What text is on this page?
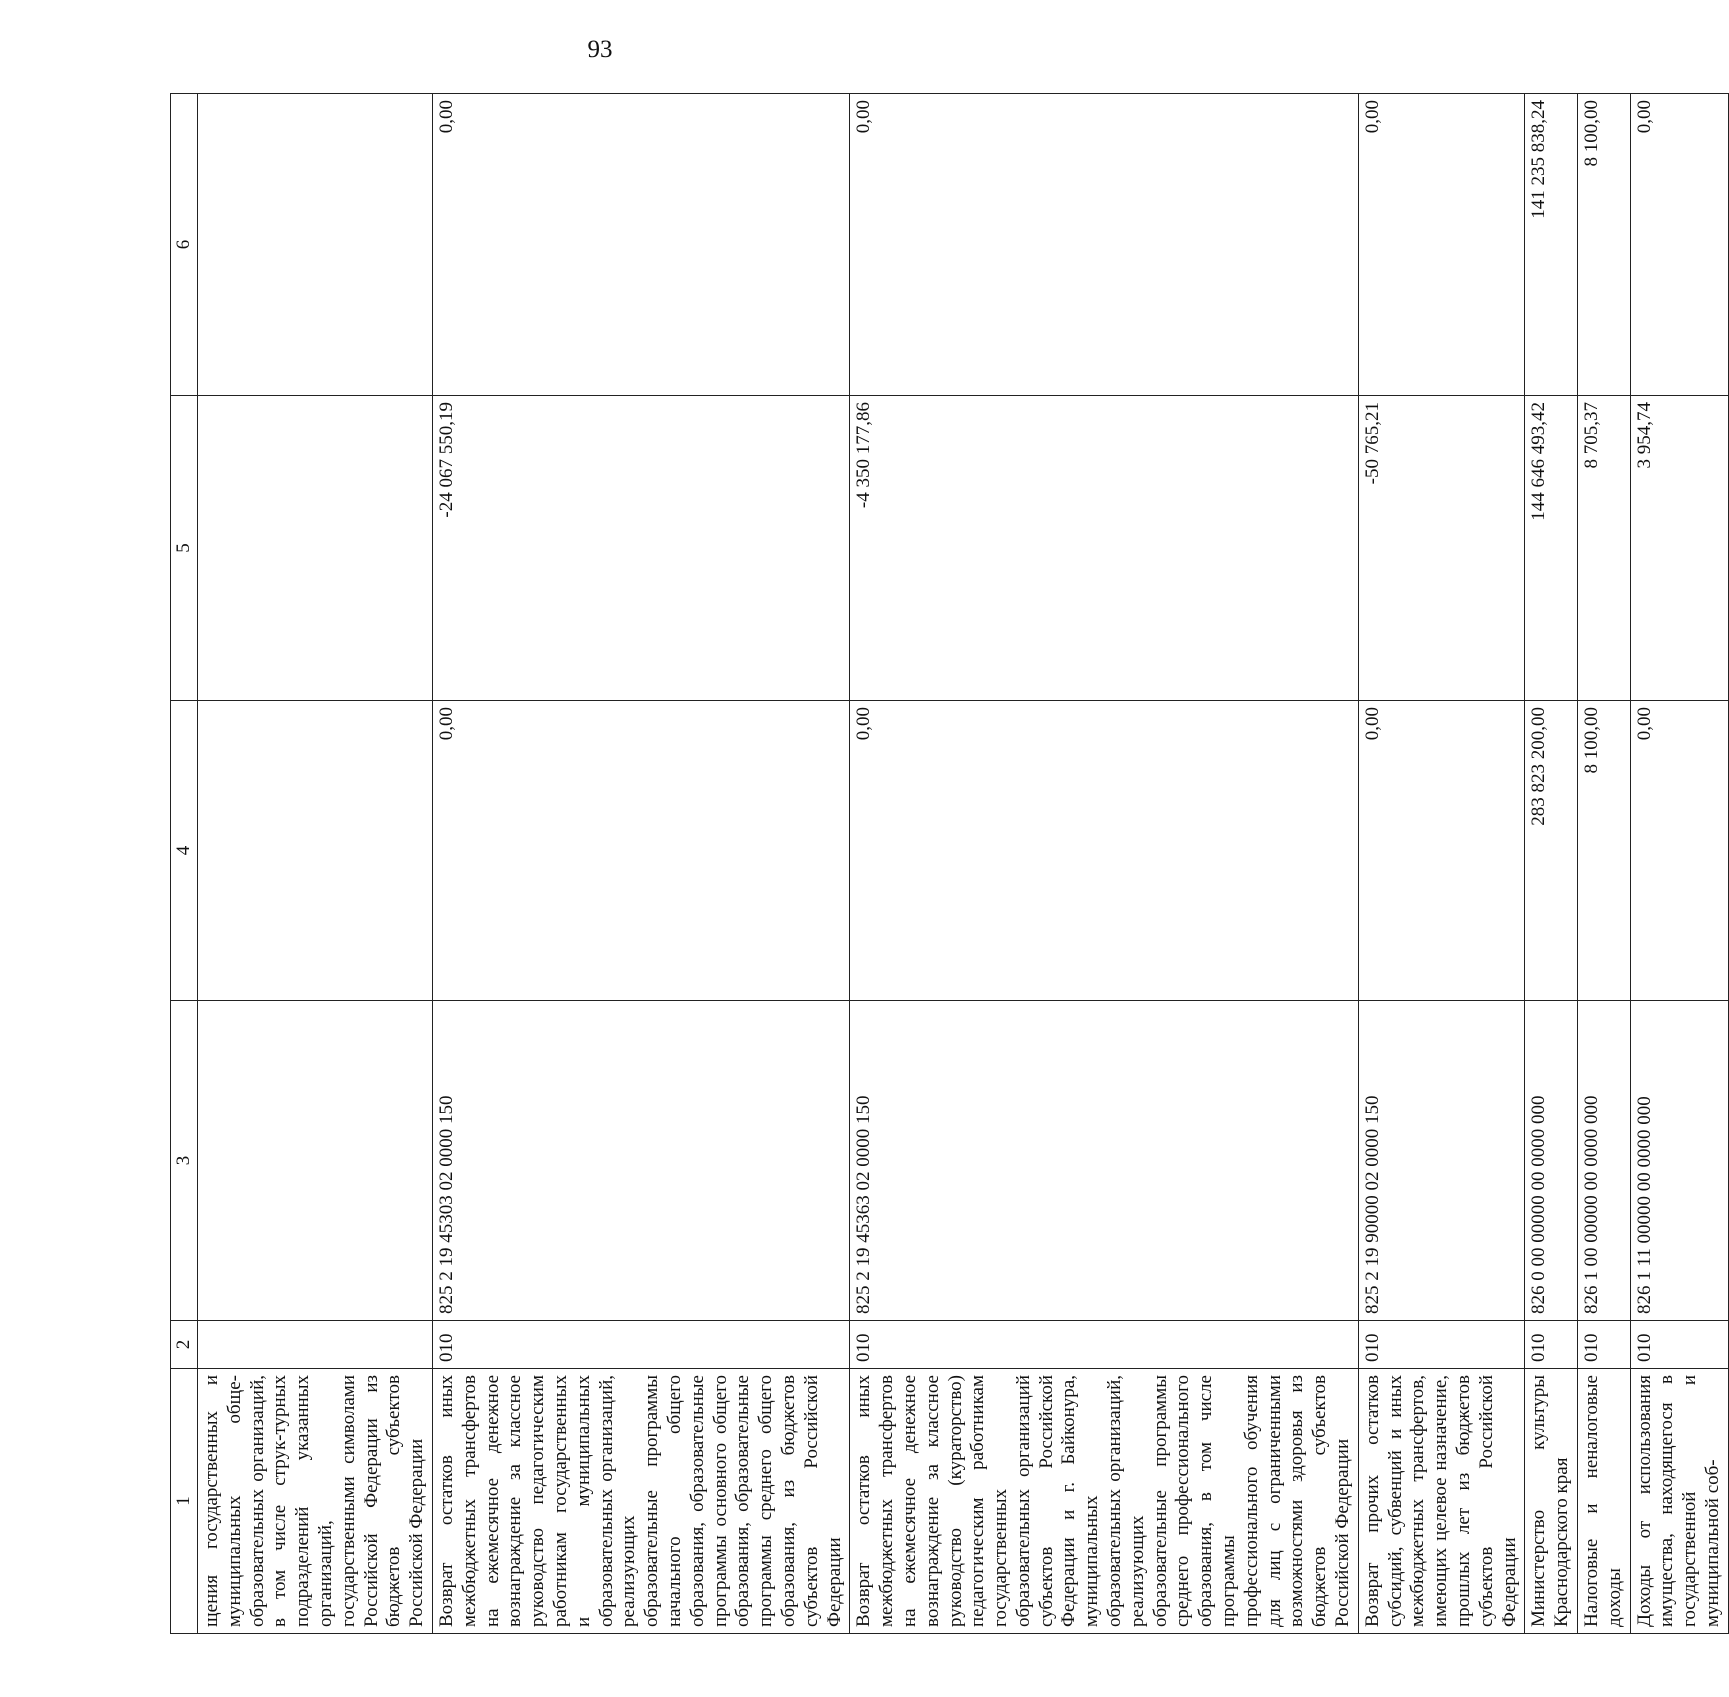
93
1	2	3	4	5	6
щения государственных и муниципальных обще-образовательных организаций, в том числе струк-турных подразделений указанных организаций, государственными символами Российской Федерации из бюджетов субъектов Российской Федерации					
Возврат остатков иных межбюджетных трансфертов на ежемесячное денежное вознаграждение за классное руководство педагогическим работникам государственных и муниципальных образовательных организаций, реализующих образовательные программы начального общего образования, образовательные программы основного общего образования, образовательные программы среднего общего образования, из бюджетов субъектов Российской Федерации	010	825 2 19 45303 02 0000 150	0,00	-24 067 550,19	0,00
Возврат остатков иных межбюджетных трансфертов на ежемесячное денежное вознаграждение за классное руководство (кураторство) педагогическим работникам государственных образовательных организаций субъектов Российской Федерации и г. Байконура, муниципальных образовательных организаций, реализующих образовательные программы среднего профессионального образования, в том числе программы профессионального обучения для лиц с ограниченными возможностями здоровья из бюджетов субъектов Российской Федерации	010	825 2 19 45363 02 0000 150	0,00	-4 350 177,86	0,00
Возврат прочих остатков субсидий, субвенций и иных межбюджетных трансфертов, имеющих целевое назначение, прошлых лет из бюджетов субъектов Российской Федерации	010	825 2 19 90000 02 0000 150	0,00	-50 765,21	0,00
Министерство культуры Краснодарского края	010	826 0 00 00000 00 0000 000	283 823 200,00	144 646 493,42	141 235 838,24
Налоговые и неналоговые доходы	010	826 1 00 00000 00 0000 000	8 100,00	8 705,37	8 100,00
Доходы от использования имущества, находящегося в государственной и муниципальной соб-	010	826 1 11 00000 00 0000 000	0,00	3 954,74	0,00
